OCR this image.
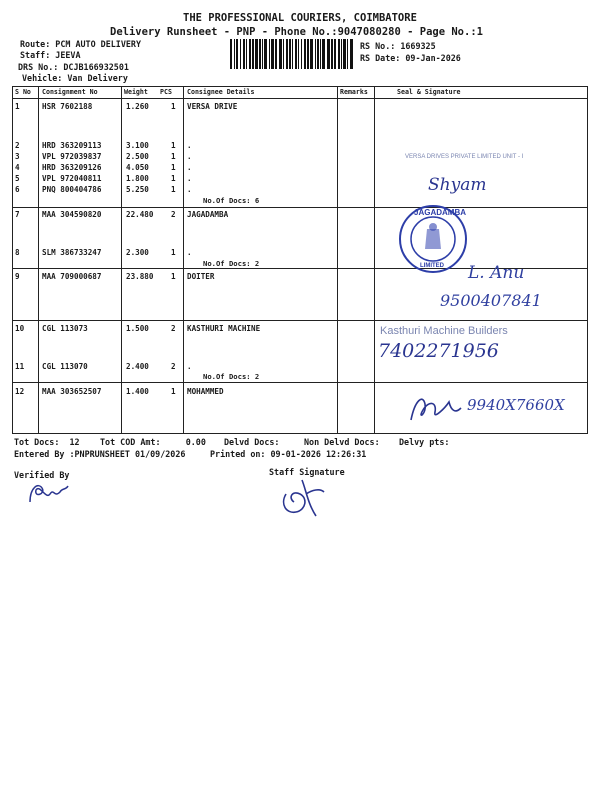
THE PROFESSIONAL COURIERS, COIMBATORE
Delivery Runsheet - PNP - Phone No.:9047080280 - Page No.:1
Route: PCM AUTO DELIVERY
Staff: JEEVA
DRS No.: DCJB166932501
Vehicle: Van Delivery
RS No.: 1669325
RS Date: 09-Jan-2026
S No Consignment No	Weight PCS Consignee Details	Remarks	Seal & Signature
1	HSR 7602188	1.260	1 VERSA DRIVE
2	HRD 363209113	3.100	1 .
3	VPL 972039837	2.500	1 .
4	HRD 363209126	4.050	1 .
5	VPL 972040811	1.800	1 .
6	PNQ 800404786	5.250	1 .
No.Of Docs: 6
7	MAA 304590820	22.480 2 JAGADAMBA
8	SLM 386733247	2.300	1 .
No.Of Docs: 2
9	MAA 709000687	23.880 1 DOITER
10 CGL 113073	1.500	2 KASTHURI MACHINE
11 CGL 113070	2.400	2 .
No.Of Docs: 2
12 MAA 303652507	1.400	1 MOHAMMED
VERSA DRIVES PRIVATE LIMITED UNIT - I
Shyam
JAGADAMBA
LIMITED L. Anu
9500407841
Kasthuri Machine Builders
7402271956
9940X7660X
Tot Docs:  12 Tot COD Amt:     0.00 Delvd Docs:	Non Delvd Docs: Delvy pts:
Entered By :PNPRUNSHEET 01/09/2026	Printed on: 09-01-2026 12:26:31
Verified By	Staff Signature
